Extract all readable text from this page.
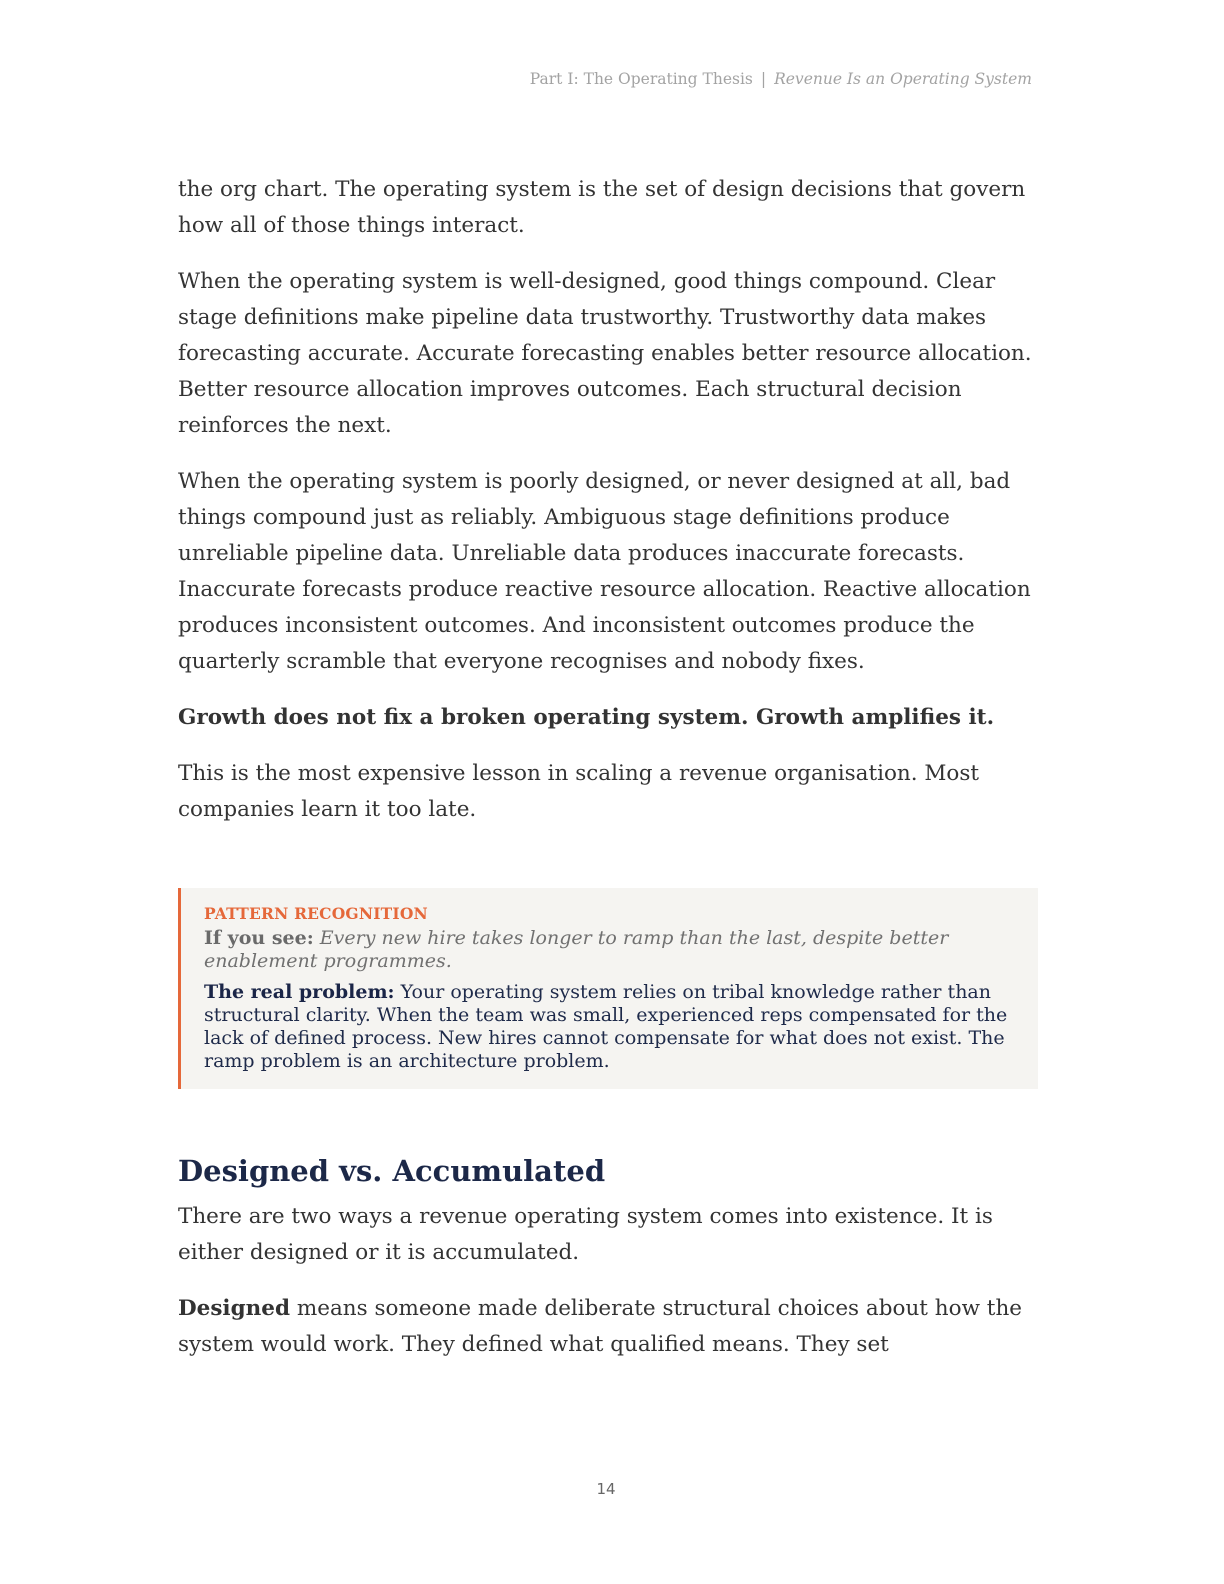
Part I: The Operating Thesis | Revenue Is an Operating System

the org chart. The operating system is the set of design decisions that govern how all of those things interact.

When the operating system is well-designed, good things compound. Clear stage definitions make pipeline data trustworthy. Trustworthy data makes forecasting accurate. Accurate forecasting enables better resource allocation. Better resource allocation improves outcomes. Each structural decision reinforces the next.

When the operating system is poorly designed, or never designed at all, bad things compound just as reliably. Ambiguous stage definitions produce unreliable pipeline data. Unreliable data produces inaccurate forecasts. Inaccurate forecasts produce reactive resource allocation. Reactive allocation produces inconsistent outcomes. And inconsistent outcomes produce the quarterly scramble that everyone recognises and nobody fixes.

Growth does not fix a broken operating system. Growth amplifies it.

This is the most expensive lesson in scaling a revenue organisation. Most companies learn it too late.

PATTERN RECOGNITION

If you see: Every new hire takes longer to ramp than the last, despite better enablement programmes.

The real problem: Your operating system relies on tribal knowledge rather than structural clarity. When the team was small, experienced reps compensated for the lack of defined process. New hires cannot compensate for what does not exist. The ramp problem is an architecture problem.

Designed vs. Accumulated

There are two ways a revenue operating system comes into existence. It is either designed or it is accumulated.

Designed means someone made deliberate structural choices about how the system would work. They defined what qualified means. They set

14
